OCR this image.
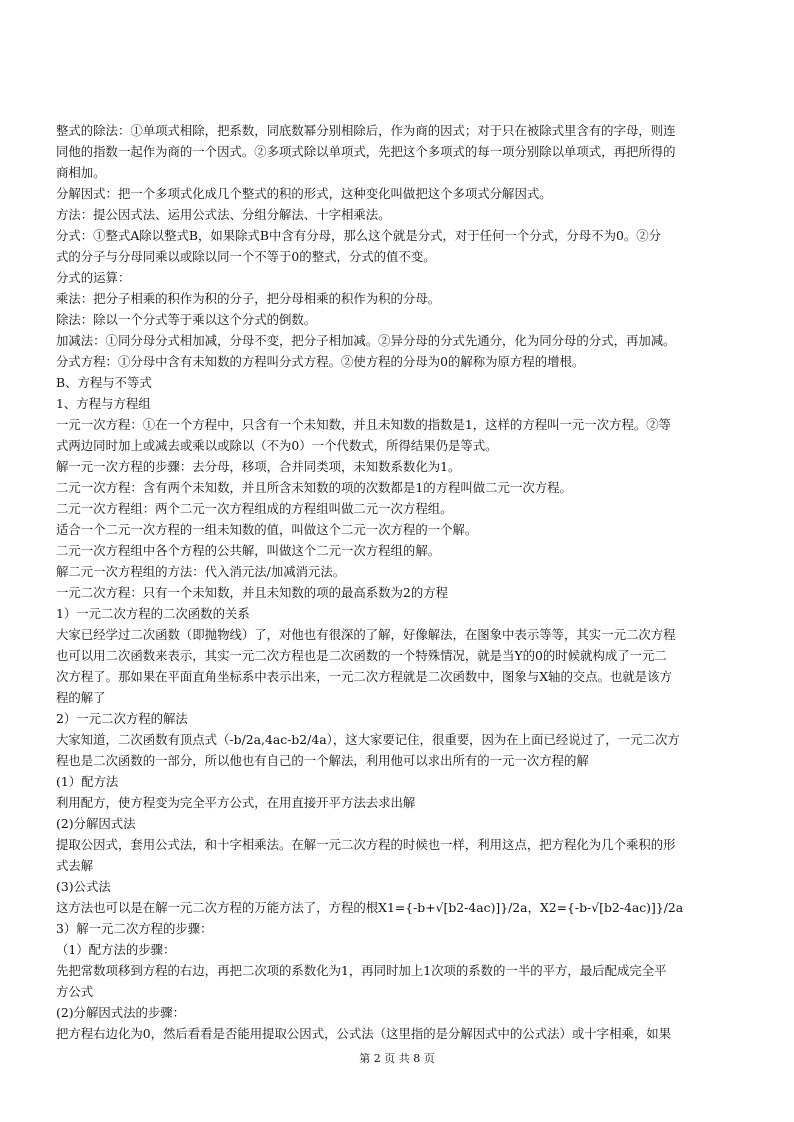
整式的除法：①单项式相除，把系数，同底数幂分别相除后，作为商的因式；对于只在被除式里含有的字母，则连
同他的指数一起作为商的一个因式。②多项式除以单项式，先把这个多项式的每一项分别除以单项式，再把所得的
商相加。
分解因式：把一个多项式化成几个整式的积的形式，这种变化叫做把这个多项式分解因式。
方法：提公因式法、运用公式法、分组分解法、十字相乘法。
分式：①整式A除以整式B，如果除式B中含有分母，那么这个就是分式，对于任何一个分式，分母不为0。②分
式的分子与分母同乘以或除以同一个不等于0的整式，分式的值不变。
分式的运算：
乘法：把分子相乘的积作为积的分子，把分母相乘的积作为积的分母。
除法：除以一个分式等于乘以这个分式的倒数。
加减法：①同分母分式相加减，分母不变，把分子相加减。②异分母的分式先通分，化为同分母的分式，再加减。
分式方程：①分母中含有未知数的方程叫分式方程。②使方程的分母为0的解称为原方程的增根。
B、方程与不等式
1、方程与方程组
一元一次方程：①在一个方程中，只含有一个未知数，并且未知数的指数是1，这样的方程叫一元一次方程。②等
式两边同时加上或减去或乘以或除以（不为0）一个代数式，所得结果仍是等式。
解一元一次方程的步骤：去分母，移项，合并同类项，未知数系数化为1。
二元一次方程：含有两个未知数，并且所含未知数的项的次数都是1的方程叫做二元一次方程。
二元一次方程组：两个二元一次方程组成的方程组叫做二元一次方程组。
适合一个二元一次方程的一组未知数的值，叫做这个二元一次方程的一个解。
二元一次方程组中各个方程的公共解，叫做这个二元一次方程组的解。
解二元一次方程组的方法：代入消元法/加减消元法。
一元二次方程：只有一个未知数，并且未知数的项的最高系数为2的方程
1）一元二次方程的二次函数的关系
大家已经学过二次函数（即抛物线）了，对他也有很深的了解，好像解法，在图象中表示等等，其实一元二次方程
也可以用二次函数来表示，其实一元二次方程也是二次函数的一个特殊情况，就是当Y的0的时候就构成了一元二
次方程了。那如果在平面直角坐标系中表示出来，一元二次方程就是二次函数中，图象与X轴的交点。也就是该方
程的解了
2）一元二次方程的解法
大家知道，二次函数有顶点式（-b/2a,4ac-b2/4a），这大家要记住，很重要，因为在上面已经说过了，一元二次方
程也是二次函数的一部分，所以他也有自己的一个解法，利用他可以求出所有的一元一次方程的解
(1）配方法
利用配方，使方程变为完全平方公式，在用直接开平方法去求出解
(2)分解因式法
提取公因式，套用公式法，和十字相乘法。在解一元二次方程的时候也一样，利用这点，把方程化为几个乘积的形
式去解
(3)公式法
这方法也可以是在解一元二次方程的万能方法了，方程的根X1={-b+√[b2-4ac)]}/2a，X2={-b-√[b2-4ac)]}/2a
3）解一元二次方程的步骤：
（1）配方法的步骤：
先把常数项移到方程的右边，再把二次项的系数化为1，再同时加上1次项的系数的一半的平方，最后配成完全平
方公式
(2)分解因式法的步骤：
把方程右边化为0，然后看看是否能用提取公因式，公式法（这里指的是分解因式中的公式法）或十字相乘，如果
第 2 页 共 8 页
